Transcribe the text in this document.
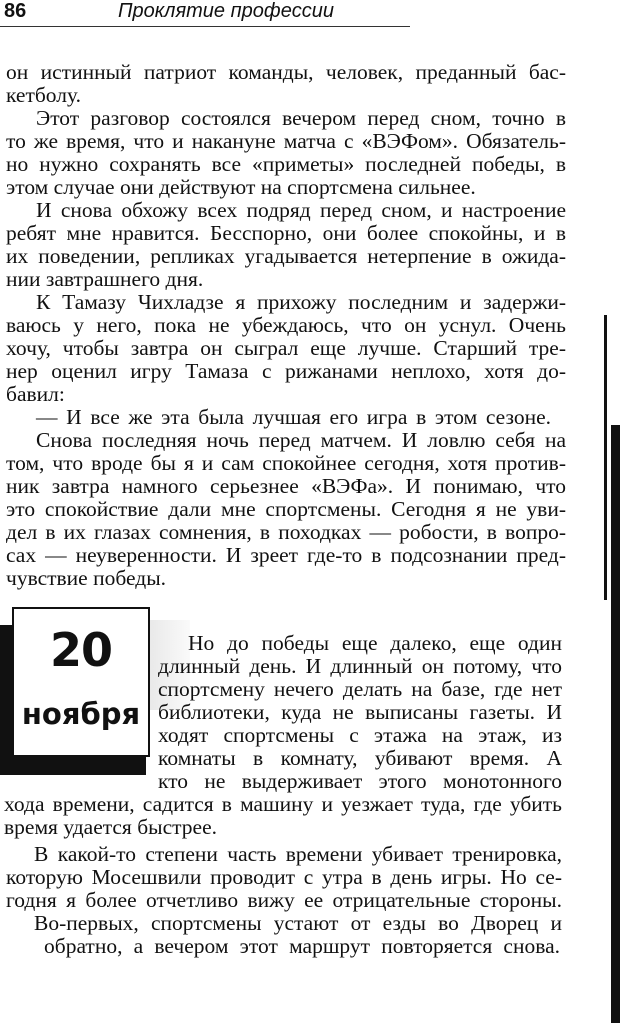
86	Проклятие профессии
он истинный патриот команды, человек, преданный бас-
кетболу.
Этот разговор состоялся вечером перед сном, точно в
то же время, что и накануне матча с «ВЭФом». Обязатель-
но нужно сохранять все «приметы» последней победы, в
этом случае они действуют на спортсмена сильнее.
И снова обхожу всех подряд перед сном, и настроение
ребят мне нравится. Бесспорно, они более спокойны, и в
их поведении, репликах угадывается нетерпение в ожида-
нии завтрашнего дня.
К Тамазу Чихладзе я прихожу последним и задержи-
ваюсь у него, пока не убеждаюсь, что он уснул. Очень
хочу, чтобы завтра он сыграл еще лучше. Старший тре-
нер оценил игру Тамаза с рижанами неплохо, хотя до-
бавил:
— И все же эта была лучшая его игра в этом сезоне.
Снова последняя ночь перед матчем. И ловлю себя на
том, что вроде бы я и сам спокойнее сегодня, хотя против-
ник завтра намного серьезнее «ВЭФа». И понимаю, что
это спокойствие дали мне спортсмены. Сегодня я не уви-
дел в их глазах сомнения, в походках — робости, в вопро-
сах — неуверенности. И зреет где-то в подсознании пред-
чувствие победы.
20
ноября
Но до победы еще далеко, еще один
длинный день. И длинный он потому, что
спортсмену нечего делать на базе, где нет
библиотеки, куда не выписаны газеты. И
ходят спортсмены с этажа на этаж, из
комнаты в комнату, убивают время. А
кто не выдерживает этого монотонного
хода времени, садится в машину и уезжает туда, где убить
время удается быстрее.
В какой-то степени часть времени убивает тренировка,
которую Мосешвили проводит с утра в день игры. Но се-
годня я более отчетливо вижу ее отрицательные стороны.
Во-первых, спортсмены устают от езды во Дворец и
обратно, а вечером этот маршрут повторяется снова.
